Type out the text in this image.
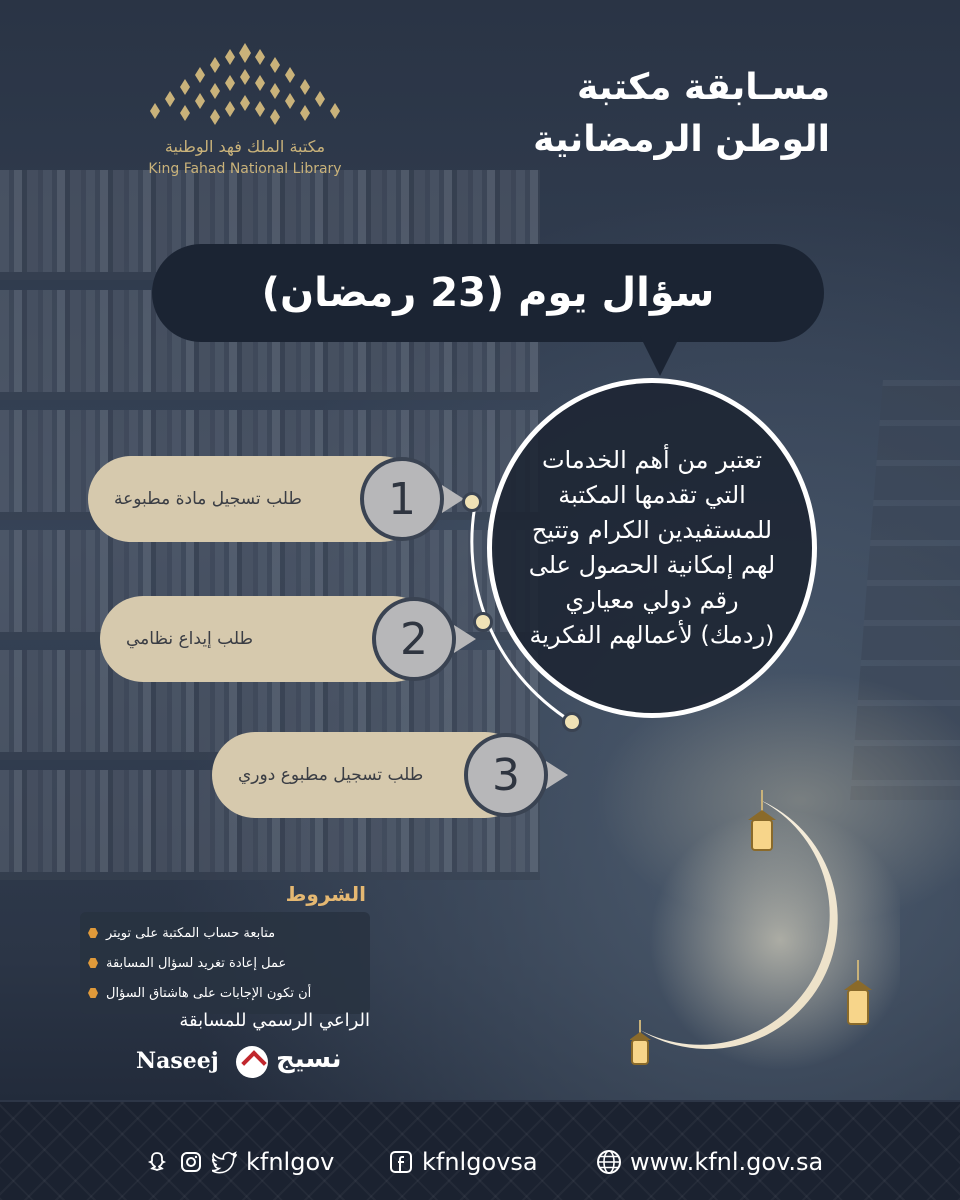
مكتبة الملك فهد الوطنية
King Fahad National Library
مسـابقة مكتبة
الوطن الرمضانية
سؤال يوم (23 رمضان)
تعتبر من أهم الخدمات التي تقدمها المكتبة للمستفيدين الكرام وتتيح لهم إمكانية الحصول على رقم دولي معياري (ردمك) لأعمالهم الفكرية
طلب تسجيل مادة مطبوعة	1
طلب إيداع نظامي	2
طلب تسجيل مطبوع دوري	3
الشروط
متابعة حساب المكتبة على تويتر
عمل إعادة تغريد لسؤال المسابقة
أن تكون الإجابات على هاشتاق السؤال
الراعي الرسمي للمسابقة
Naseej نسيج
kfnlgov	kfnlgovsa	www.kfnl.gov.sa
